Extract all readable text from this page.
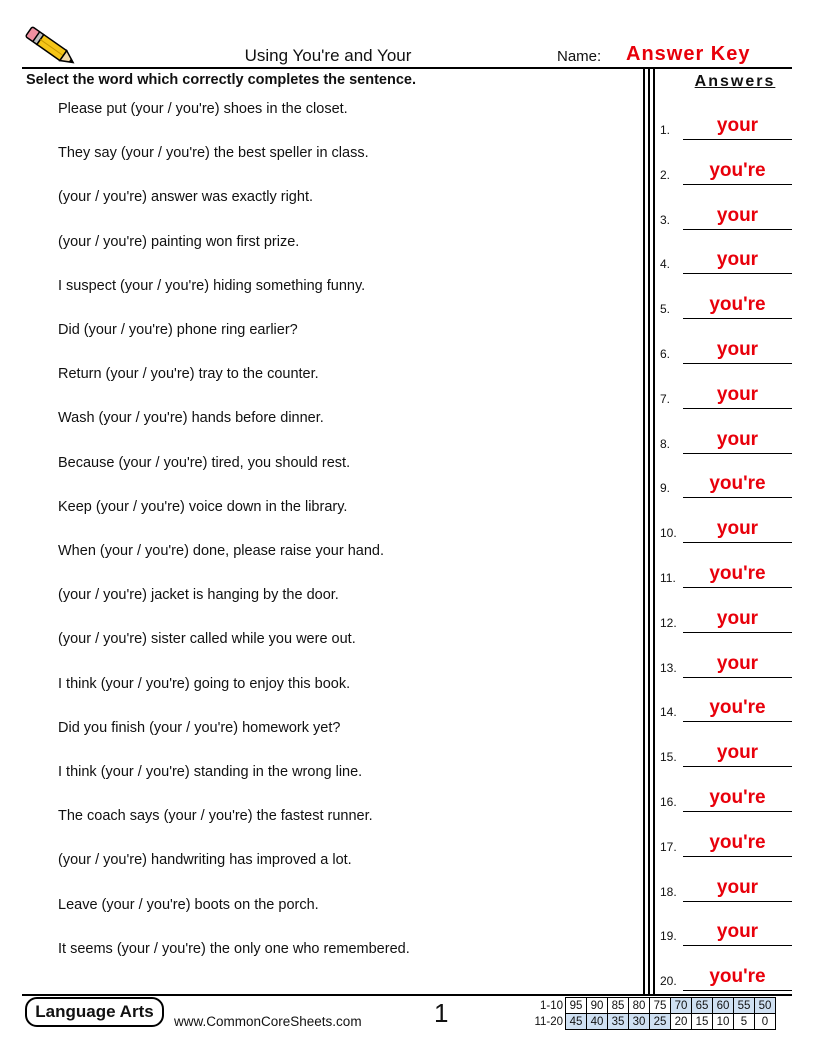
Using You're and Your	Name: Answer Key
Select the word which correctly completes the sentence.	Answers
Please put (your / you're) shoes in the closet.
They say (your / you're) the best speller in class.
(your / you're) answer was exactly right.
(your / you're) painting won first prize.
I suspect (your / you're) hiding something funny.
Did (your / you're) phone ring earlier?
Return (your / you're) tray to the counter.
Wash (your / you're) hands before dinner.
Because (your / you're) tired, you should rest.
Keep (your / you're) voice down in the library.
When (your / you're) done, please raise your hand.
(your / you're) jacket is hanging by the door.
(your / you're) sister called while you were out.
I think (your / you're) going to enjoy this book.
Did you finish (your / you're) homework yet?
I think (your / you're) standing in the wrong line.
The coach says (your / you're) the fastest runner.
(your / you're) handwriting has improved a lot.
Leave (your / you're) boots on the porch.
It seems (your / you're) the only one who remembered.
1.	your
2.	you're
3.	your
4.	your
5.	you're
6.	your
7.	your
8.	your
9.	you're
10.	your
11.	you're
12.	your
13.	your
14.	you're
15.	your
16.	you're
17.	you're
18.	your
19.	your
20.	you're
Language Arts
www.CommonCoreSheets.com	1	1-10	95	90	85	80	75	70	65	60	55	50
11-20	45	40	35	30	25	20	15	10	5	0
